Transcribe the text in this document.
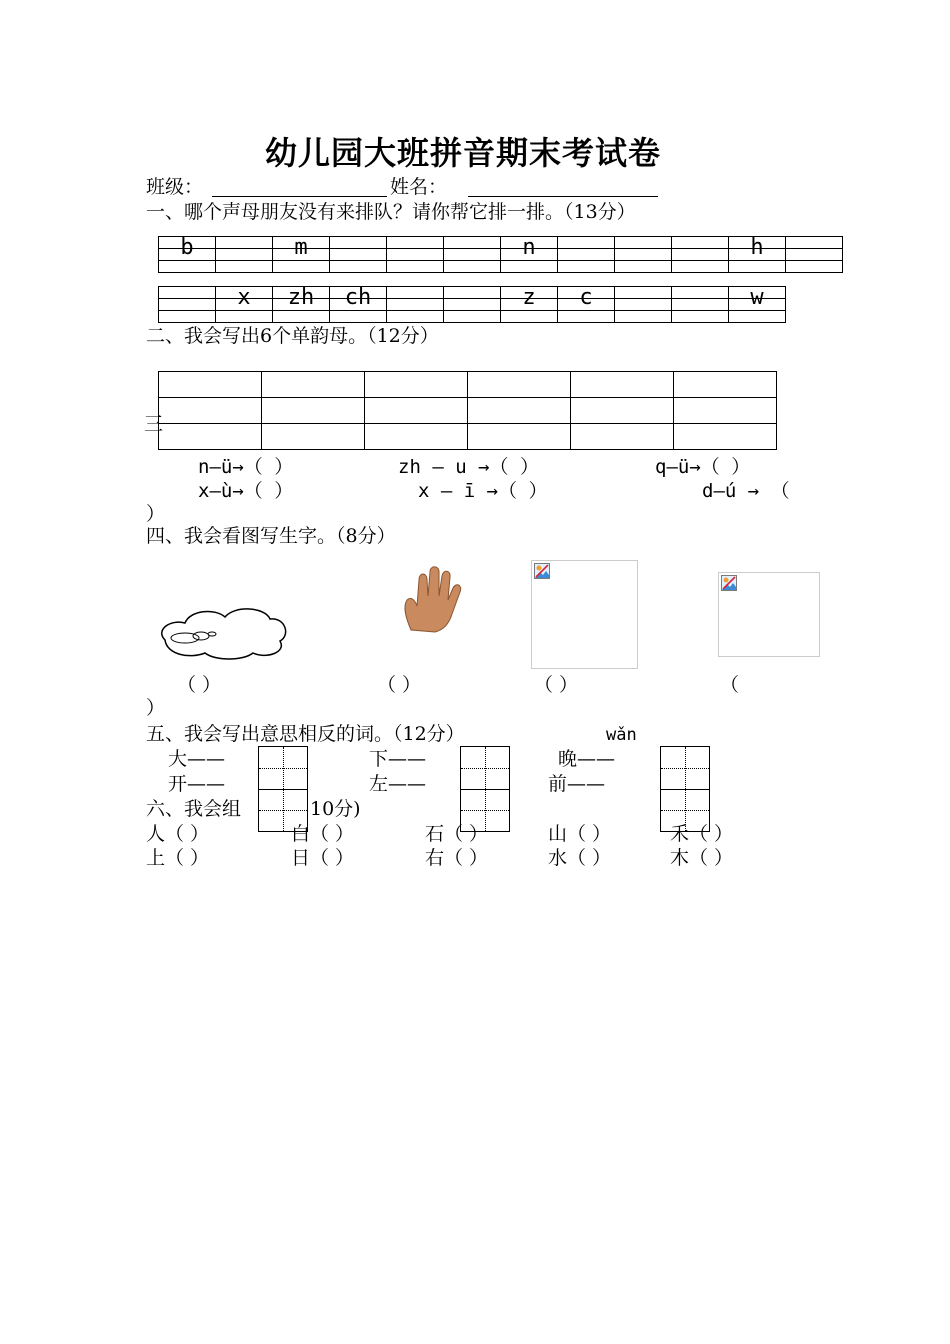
幼儿园大班拼音期末考试卷
班级：	姓名：
一、哪个声母朋友没有来排队？请你帮它排一排。（13分）
b		m				n				h	

	x	zh	ch			z	c			w

二、我会写出6个单韵母。（12分）
三

n—ü→（ ）	zh — u →（ ）	q—ü→（ ）
x—ù→（ ）	x — ī →（ ）	d—ú → （
）
四、我会看图写生字。（8分）
（ ）	（ ）	（ ）	（
）
五、我会写出意思相反的词。（12分）	wǎn
大——	下——	晚——
开——	左——	前——
六、我会组	10分)
人（ ）	白（ ）	石（ ）	山（ ）	禾（ ）
上（ ）	日（ ）	右（ ）	水（ ）	木（ ）
